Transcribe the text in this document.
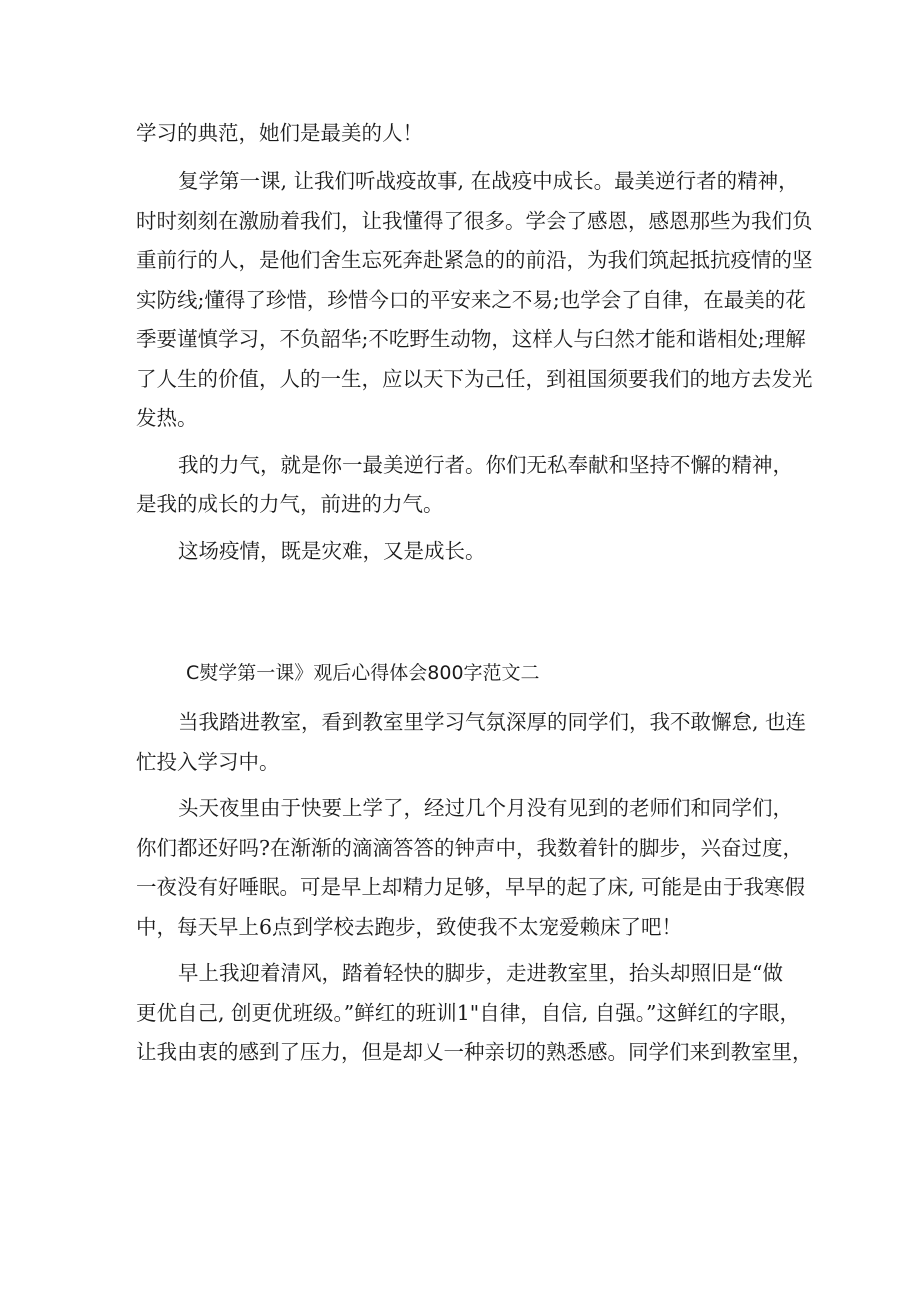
学习的典范，她们是最美的人！
复学第一课, 让我们听战疫故事, 在战疫中成长。最美逆行者的精神，
时时刻刻在激励着我们，让我懂得了很多。学会了感恩，感恩那些为我们负
重前行的人，是他们舍生忘死奔赴紧急的的前沿，为我们筑起抵抗疫情的坚
实防线;懂得了珍惜，珍惜今口的平安来之不易;也学会了自律，在最美的花
季要谨慎学习，不负韶华;不吃野生动物，这样人与臼然才能和谐相处;理解
了人生的价值，人的一生，应以天下为己任，到祖国须要我们的地方去发光
发热。
我的力气，就是你一最美逆行者。你们无私奉献和坚持不懈的精神，
是我的成长的力气，前进的力气。
这场疫情，既是灾难，又是成长。
C熨学第一课》观后心得体会800字范文二
当我踏进教室，看到教室里学习气氛深厚的同学们，我不敢懈怠, 也连
忙投入学习中。
头天夜里由于快要上学了，经过几个月没有见到的老师们和同学们，
你们都还好吗?在渐渐的滴滴答答的钟声中，我数着针的脚步，兴奋过度，
一夜没有好唾眠。可是早上却精力足够，早早的起了床, 可能是由于我寒假
中，每天早上6点到学校去跑步，致使我不太宠爱赖床了吧！
早上我迎着清风，踏着轻快的脚步，走进教室里，抬头却照旧是“做
更优自己, 创更优班级。”鲜红的班训1"自律，自信, 自强。”这鲜红的字眼，
让我由衷的感到了压力，但是却乂一种亲切的熟悉感。同学们来到教室里，
